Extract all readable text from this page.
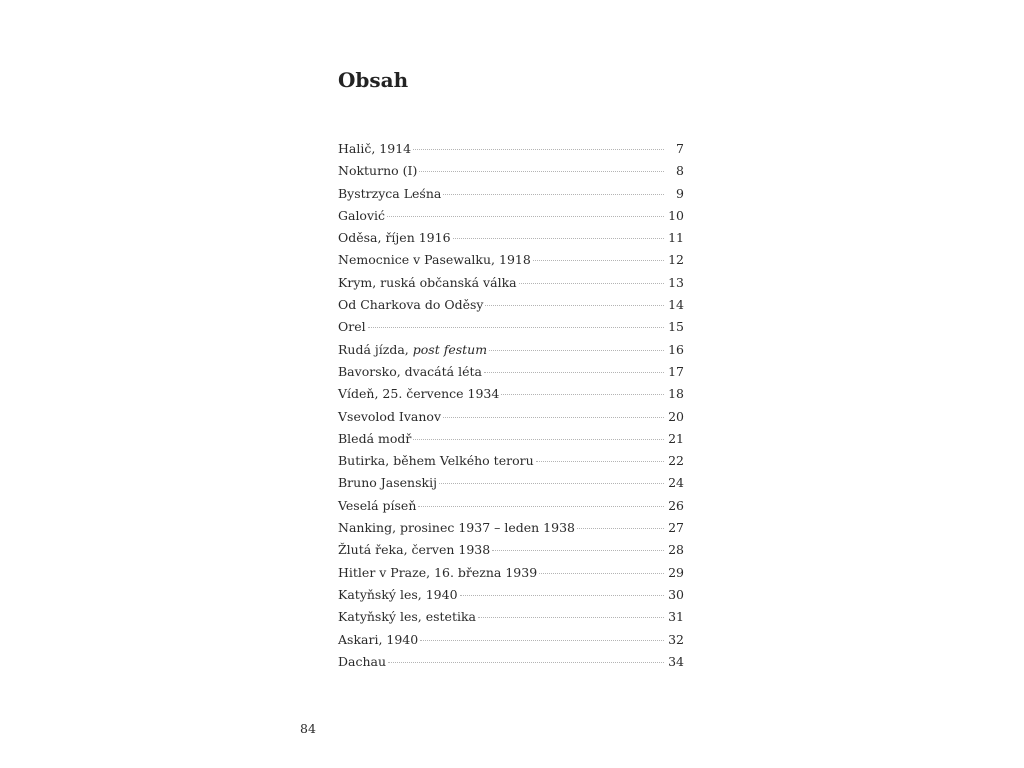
Obsah
Halič, 1914	7
Nokturno (I)	8
Bystrzyca Leśna	9
Galović	10
Oděsa, říjen 1916	11
Nemocnice v Pasewalku, 1918	12
Krym, ruská občanská válka	13
Od Charkova do Oděsy	14
Orel	15
Rudá jízda, post festum	16
Bavorsko, dvacátá léta	17
Vídeň, 25. července 1934	18
Vsevolod Ivanov	20
Bledá modř	21
Butirka, během Velkého teroru	22
Bruno Jasenskij	24
Veselá píseň	26
Nanking, prosinec 1937 – leden 1938	27
Žlutá řeka, červen 1938	28
Hitler v Praze, 16. března 1939	29
Katyňský les, 1940	30
Katyňský les, estetika	31
Askari, 1940	32
Dachau	34
84
